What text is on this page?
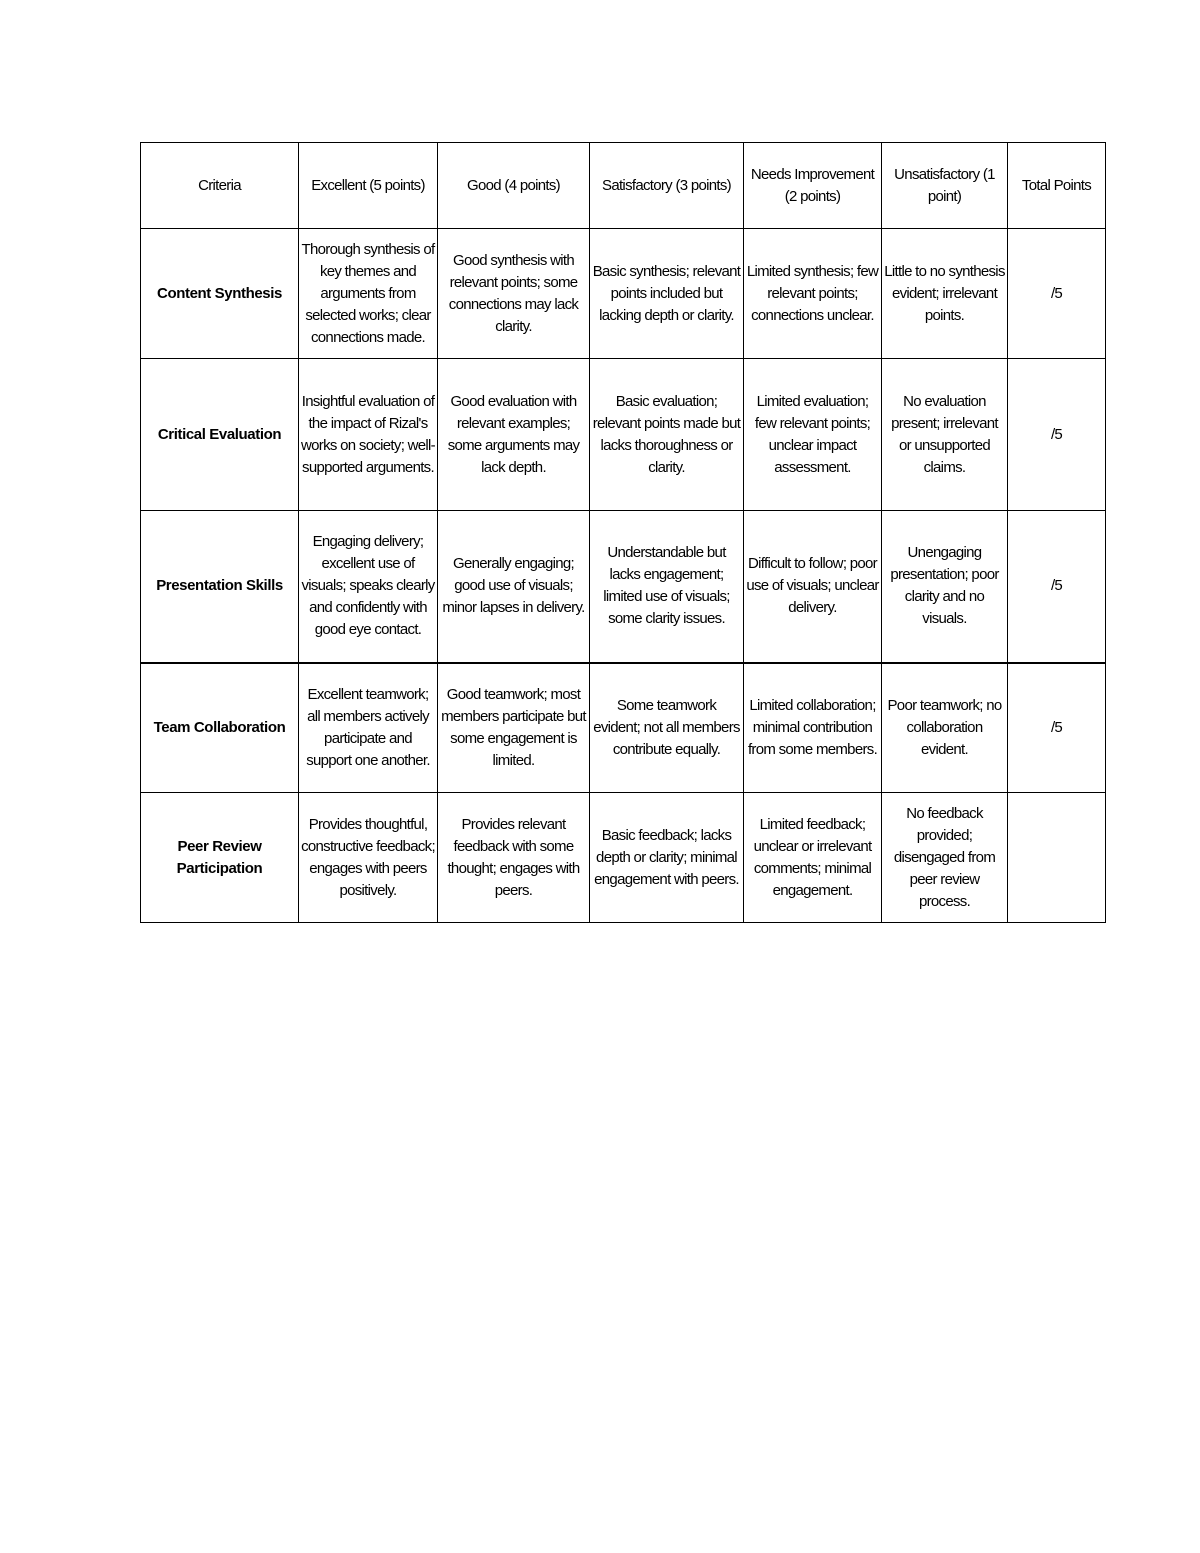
Criteria	Excellent (5 points)	Good (4 points)	Satisfactory (3 points)	Needs Improvement (2 points)	Unsatisfactory (1 point)	Total Points
Content Synthesis	Thorough synthesis of key themes and arguments from selected works; clear connections made.	Good synthesis with relevant points; some connections may lack clarity.	Basic synthesis; relevant points included but lacking depth or clarity.	Limited synthesis; few relevant points; connections unclear.	Little to no synthesis evident; irrelevant points.	/5
Critical Evaluation	Insightful evaluation of the impact of Rizal's works on society; well-supported arguments.	Good evaluation with relevant examples; some arguments may lack depth.	Basic evaluation; relevant points made but lacks thoroughness or clarity.	Limited evaluation; few relevant points; unclear impact assessment.	No evaluation present; irrelevant or unsupported claims.	/5
Presentation Skills	Engaging delivery; excellent use of visuals; speaks clearly and confidently with good eye contact.	Generally engaging; good use of visuals; minor lapses in delivery.	Understandable but lacks engagement; limited use of visuals; some clarity issues.	Difficult to follow; poor use of visuals; unclear delivery.	Unengaging presentation; poor clarity and no visuals.	/5
Team Collaboration	Excellent teamwork; all members actively participate and support one another.	Good teamwork; most members participate but some engagement is limited.	Some teamwork evident; not all members contribute equally.	Limited collaboration; minimal contribution from some members.	Poor teamwork; no collaboration evident.	/5
Peer Review Participation	Provides thoughtful, constructive feedback; engages with peers positively.	Provides relevant feedback with some thought; engages with peers.	Basic feedback; lacks depth or clarity; minimal engagement with peers.	Limited feedback; unclear or irrelevant comments; minimal engagement.	No feedback provided; disengaged from peer review process.	
